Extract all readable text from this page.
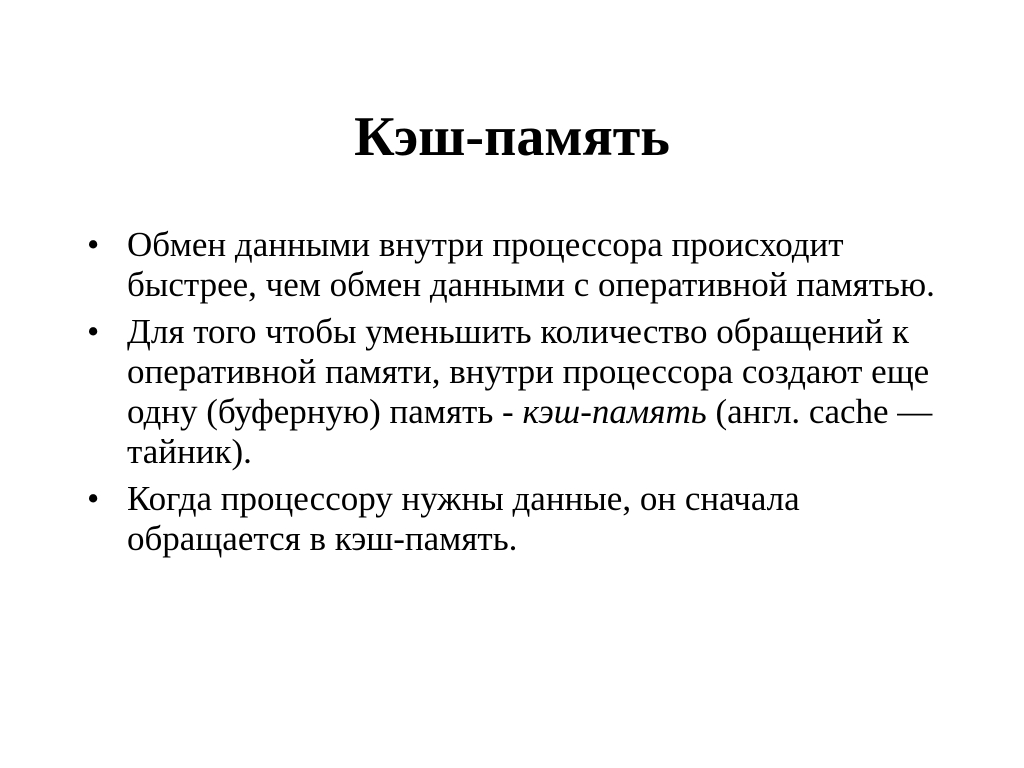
Кэш-память
• Обмен данными внутри процессора происходит быстрее, чем обмен данными с оперативной памятью.
• Для того чтобы уменьшить количество обращений к оперативной памяти, внутри процессора создают еще одну (буферную) память - кэш-память (англ. cache — тайник).
• Когда процессору нужны данные, он сначала обращается в кэш-память.
